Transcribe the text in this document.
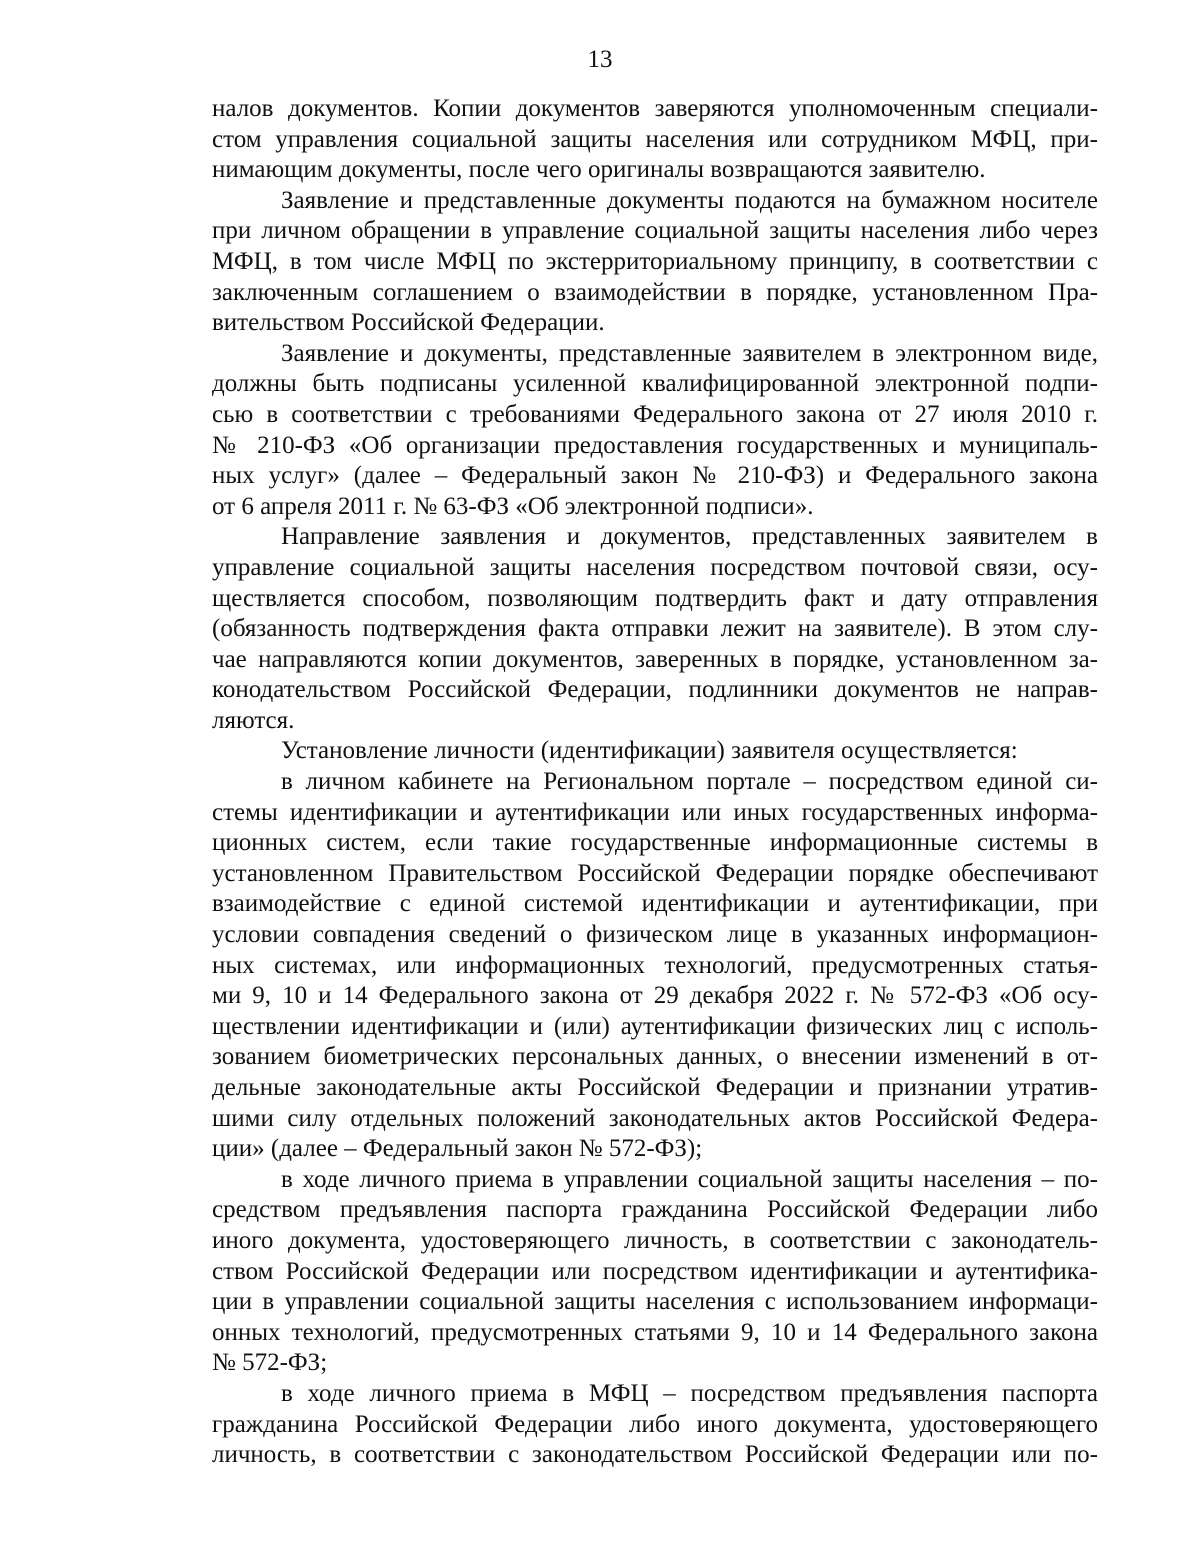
13
налов документов. Копии документов заверяются уполномоченным специали-
стом управления социальной защиты населения или сотрудником МФЦ, при-
нимающим документы, после чего оригиналы возвращаются заявителю.
Заявление и представленные документы подаются на бумажном носителе
при личном обращении в управление социальной защиты населения либо через
МФЦ, в том числе МФЦ по экстерриториальному принципу, в соответствии с
заключенным соглашением о взаимодействии в порядке, установленном Пра-
вительством Российской Федерации.
Заявление и документы, представленные заявителем в электронном виде,
должны быть подписаны усиленной квалифицированной электронной подпи-
сью в соответствии с требованиями Федерального закона от 27 июля 2010 г.
№ 210-ФЗ «Об организации предоставления государственных и муниципаль-
ных услуг» (далее – Федеральный закон № 210-ФЗ) и Федерального закона
от 6 апреля 2011 г. № 63-ФЗ «Об электронной подписи».
Направление заявления и документов, представленных заявителем в
управление социальной защиты населения посредством почтовой связи, осу-
ществляется способом, позволяющим подтвердить факт и дату отправления
(обязанность подтверждения факта отправки лежит на заявителе). В этом слу-
чае направляются копии документов, заверенных в порядке, установленном за-
конодательством Российской Федерации, подлинники документов не направ-
ляются.
Установление личности (идентификации) заявителя осуществляется:
в личном кабинете на Региональном портале – посредством единой си-
стемы идентификации и аутентификации или иных государственных информа-
ционных систем, если такие государственные информационные системы в
установленном Правительством Российской Федерации порядке обеспечивают
взаимодействие с единой системой идентификации и аутентификации, при
условии совпадения сведений о физическом лице в указанных информацион-
ных системах, или информационных технологий, предусмотренных статья-
ми 9, 10 и 14 Федерального закона от 29 декабря 2022 г. № 572-ФЗ «Об осу-
ществлении идентификации и (или) аутентификации физических лиц с исполь-
зованием биометрических персональных данных, о внесении изменений в от-
дельные законодательные акты Российской Федерации и признании утратив-
шими силу отдельных положений законодательных актов Российской Федера-
ции» (далее – Федеральный закон № 572-ФЗ);
в ходе личного приема в управлении социальной защиты населения – по-
средством предъявления паспорта гражданина Российской Федерации либо
иного документа, удостоверяющего личность, в соответствии с законодатель-
ством Российской Федерации или посредством идентификации и аутентифика-
ции в управлении социальной защиты населения с использованием информаци-
онных технологий, предусмотренных статьями 9, 10 и 14 Федерального закона
№ 572-ФЗ;
в ходе личного приема в МФЦ – посредством предъявления паспорта
гражданина Российской Федерации либо иного документа, удостоверяющего
личность, в соответствии с законодательством Российской Федерации или по-
